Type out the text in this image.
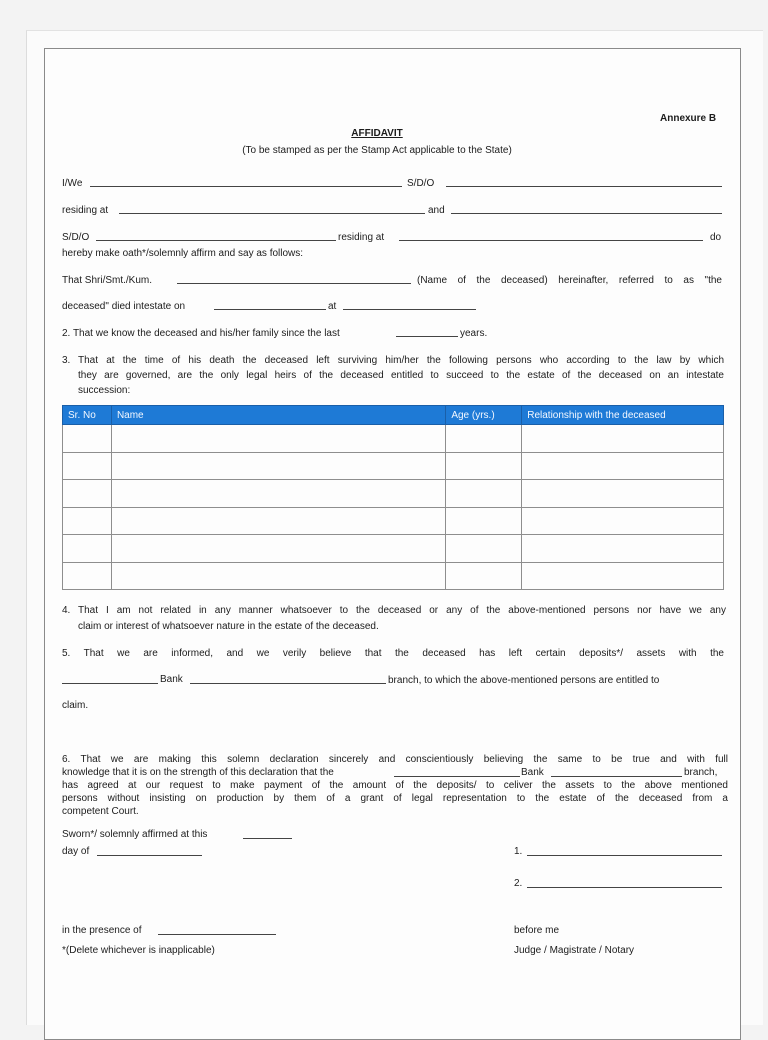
Annexure B
AFFIDAVIT
(To be stamped as per the Stamp Act applicable to the State)
I/We	S/D/O
residing at	and
S/D/O	residing at	do
hereby make oath*/solemnly affirm and say as follows:
That Shri/Smt./Kum.	(Name of the deceased) hereinafter, referred to as "the
deceased" died intestate on	at
2. That we know the deceased and his/her family since the last	years.
3. That at the time of his death the deceased left surviving him/her the following persons who according to the law by which
they are governed, are the only legal heirs of the deceased entitled to succeed to the estate of the deceased on an intestate
succession:
Sr. No	Name	Age (yrs.)	Relationship with the deceased

4. That I am not related in any manner whatsoever to the deceased or any of the above-mentioned persons nor have we any
claim or interest of whatsoever nature in the estate of the deceased.
5. That we are informed, and we verily believe that the deceased has left certain deposits*/ assets with the
Bank	branch, to which the above-mentioned persons are entitled to
claim.
6. That we are making this solemn declaration sincerely and conscientiously believing the same to be true and with full
knowledge that it is on the strength of this declaration that the	Bank	branch,
has agreed at our request to make payment of the amount of the deposits/ to celiver the assets to the above mentioned
persons without insisting on production by them of a grant of legal representation to the estate of the deceased from a
competent Court.
Sworn*/ solemnly affirmed at this
day of	1.
2.
in the presence of
*(Delete whichever is inapplicable)
before me
Judge / Magistrate / Notary
